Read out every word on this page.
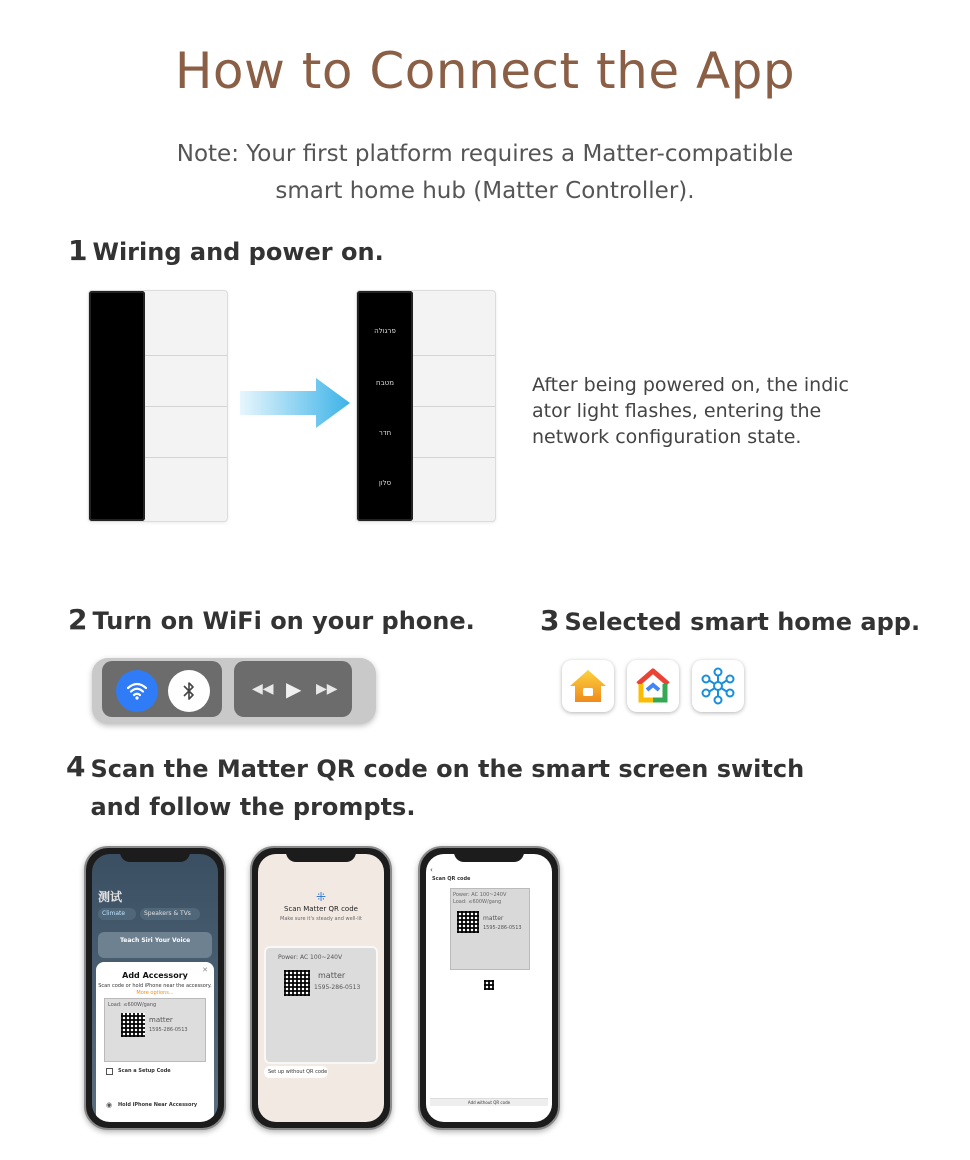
How to Connect the App
Note: Your first platform requires a Matter-compatible
smart home hub (Matter Controller).
1 Wiring and power on.
פרגולה
מטבח
חדר
סלון
After being powered on, the indic
ator light flashes, entering the
network configuration state.
2 Turn on WiFi on your phone.
◀◀ ▶ ▶▶
3 Selected smart home app.
4 Scan the Matter QR code on the smart screen switch
and follow the prompts.
测试
Climate	Speakers & TVs
Teach Siri Your Voice
Add Accessory
✕
Scan code or hold iPhone near the accessory.
More options...
Load: ≤600W/gang
matter
1595-286-0513
Scan a Setup Code
Hold iPhone Near Accessory
◉
⁜
Scan Matter QR code
Make sure it's steady and well-lit
Power: AC 100~240V
matter
1595-286-0513
Set up without QR code
‹
Scan QR code
Power: AC 100~240V
Load: ≤600W/gang
matter
1595-286-0513
Add without QR code
